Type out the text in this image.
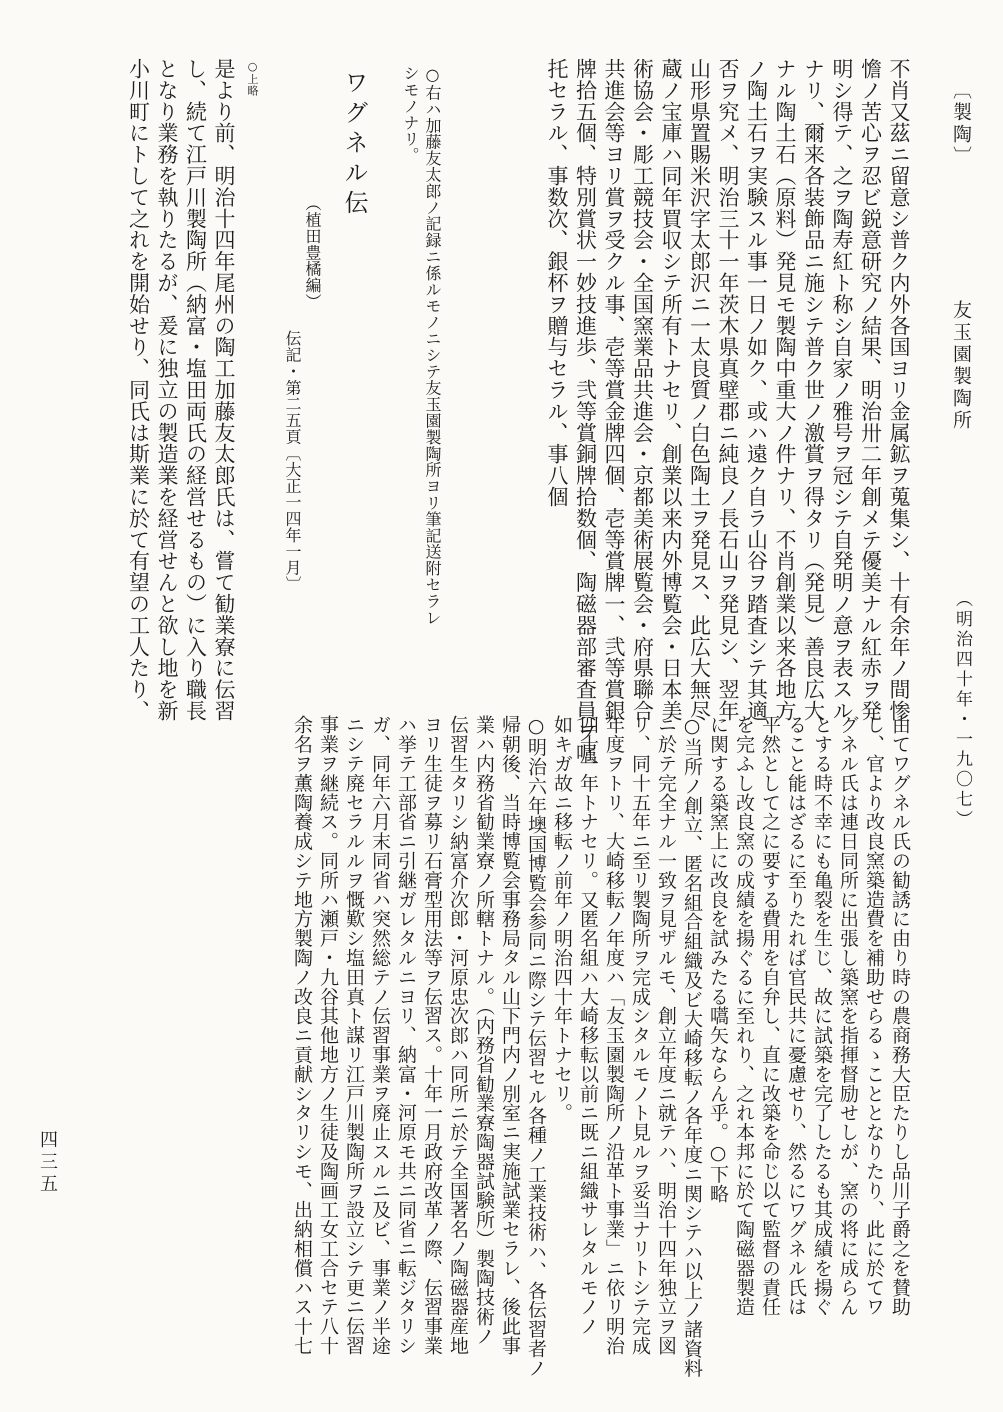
〔製陶〕
友玉園製陶所
（明治四十年・一九〇七）
不肖又茲ニ留意シ普ク内外各国ヨリ金属鉱ヲ蒐集シ、十有余年ノ間惨
憺ノ苦心ヲ忍ビ鋭意研究ノ結果、明治卅二年創メテ優美ナル紅赤ヲ発
明シ得テ、之ヲ陶寿紅ト称シ自家ノ雅号ヲ冠シテ自発明ノ意ヲ表スル
ナリ、爾来各装飾品ニ施シテ普ク世ノ激賞ヲ得タリ（発見）善良広大
ナル陶土石（原料）発見モ製陶中重大ノ件ナリ、不肖創業以来各地方
ノ陶土石ヲ実験スル事一日ノ如ク、或ハ遠ク自ラ山谷ヲ踏査シテ其適
否ヲ究メ、明治三十一年茨木県真壁郡ニ純良ノ長石山ヲ発見シ、翌年
山形県置賜米沢字太郎沢ニ一太良質ノ白色陶土ヲ発見ス、此広大無尽
蔵ノ宝庫ハ同年買収シテ所有トナセリ、創業以来内外博覧会・日本美
術協会・彫工競技会・全国窯業品共進会・京都美術展覧会・府県聯合
共進会等ヨリ賞ヲ受クル事、壱等賞金牌四個、壱等賞牌一、弐等賞銀
牌拾五個、特別賞状一妙技進歩、弐等賞銅牌拾数個、陶磁器部審査員ヲ嘱
托セラル、事数次、銀杯ヲ贈与セラル、事八個
○右ハ加藤友太郎ノ記録ニ係ルモノニシテ友玉園製陶所ヨリ筆記送附セラレ
シモノナリ。
ワグネル伝
（植田豊橘編）
伝記・第二五頁〔大正一四年一月〕
○上略
是より前、明治十四年尾州の陶工加藤友太郎氏は、嘗て勧業寮に伝習
し、続て江戸川製陶所（納富・塩田両氏の経営せるもの）に入り職長
となり業務を執りたるが、爰に独立の製造業を経営せんと欲し地を新
小川町にトして之れを開始せり、同氏は斯業に於て有望の工人たり、
由てワグネル氏の勧誘に由り時の農商務大臣たりし品川子爵之を賛助
し、官より改良窯築造費を補助せらるゝこととなりたり、此に於てワ
グネル氏は連日同所に出張し築窯を指揮督励せしが、窯の将に成らん
とする時不幸にも亀裂を生じ、故に試築を完了したるも其成績を揚ぐ
ること能はざるに至りたれば官民共に憂慮せり、然るにワグネル氏は
平然として之に要する費用を自弁し、直に改築を命じ以て監督の責任
を完ふし改良窯の成績を揚ぐるに至れり、之れ本邦に於て陶磁器製造
に関する築窯上に改良を試みたる嚆矢ならん乎。○下略
○当所ノ創立、匿名組合組織及ビ大崎移転ノ各年度ニ関シテハ以上ノ諸資料
ニ於テ完全ナル一致ヲ見ザルモ、創立年度ニ就テハ、明治十四年独立ヲ図
リ、同十五年ニ至リ製陶所ヲ完成シタルモノト見ルヲ妥当ナリトシテ完成
年度ヲトリ、大崎移転ノ年度ハ「友玉園製陶所ノ沿革ト事業」ニ依リ明治
四十一年トナセリ。又匿名組ハ大崎移転以前ニ既ニ組織サレタルモノノ
如キガ故ニ移転ノ前年ノ明治四十年トナセリ。
○明治六年墺国博覧会参同ニ際シテ伝習セル各種ノ工業技術ハ、各伝習者ノ
帰朝後、当時博覧会事務局タル山下門内ノ別室ニ実施試業セラレ、後此事
業ハ内務省勧業寮ノ所轄トナル。（内務省勧業寮陶器試験所）製陶技術ノ
伝習生タリシ納富介次郎・河原忠次郎ハ同所ニ於テ全国著名ノ陶磁器産地
ヨリ生徒ヲ募リ石膏型用法等ヲ伝習ス。十年一月政府改革ノ際、伝習事業
ハ挙テ工部省ニ引継ガレタルニヨリ、納富・河原モ共ニ同省ニ転ジタリシ
ガ、同年六月末同省ハ突然総テノ伝習事業ヲ廃止スルニ及ビ、事業ノ半途
ニシテ廃セラルルヲ慨歎シ塩田真ト謀リ江戸川製陶所ヲ設立シテ更ニ伝習
事業ヲ継続ス。同所ハ瀬戸・九谷其他地方ノ生徒及陶画工女工合セテ八十
余名ヲ薫陶養成シテ地方製陶ノ改良ニ貢献シタリシモ、出納相償ハス十七
四三五
